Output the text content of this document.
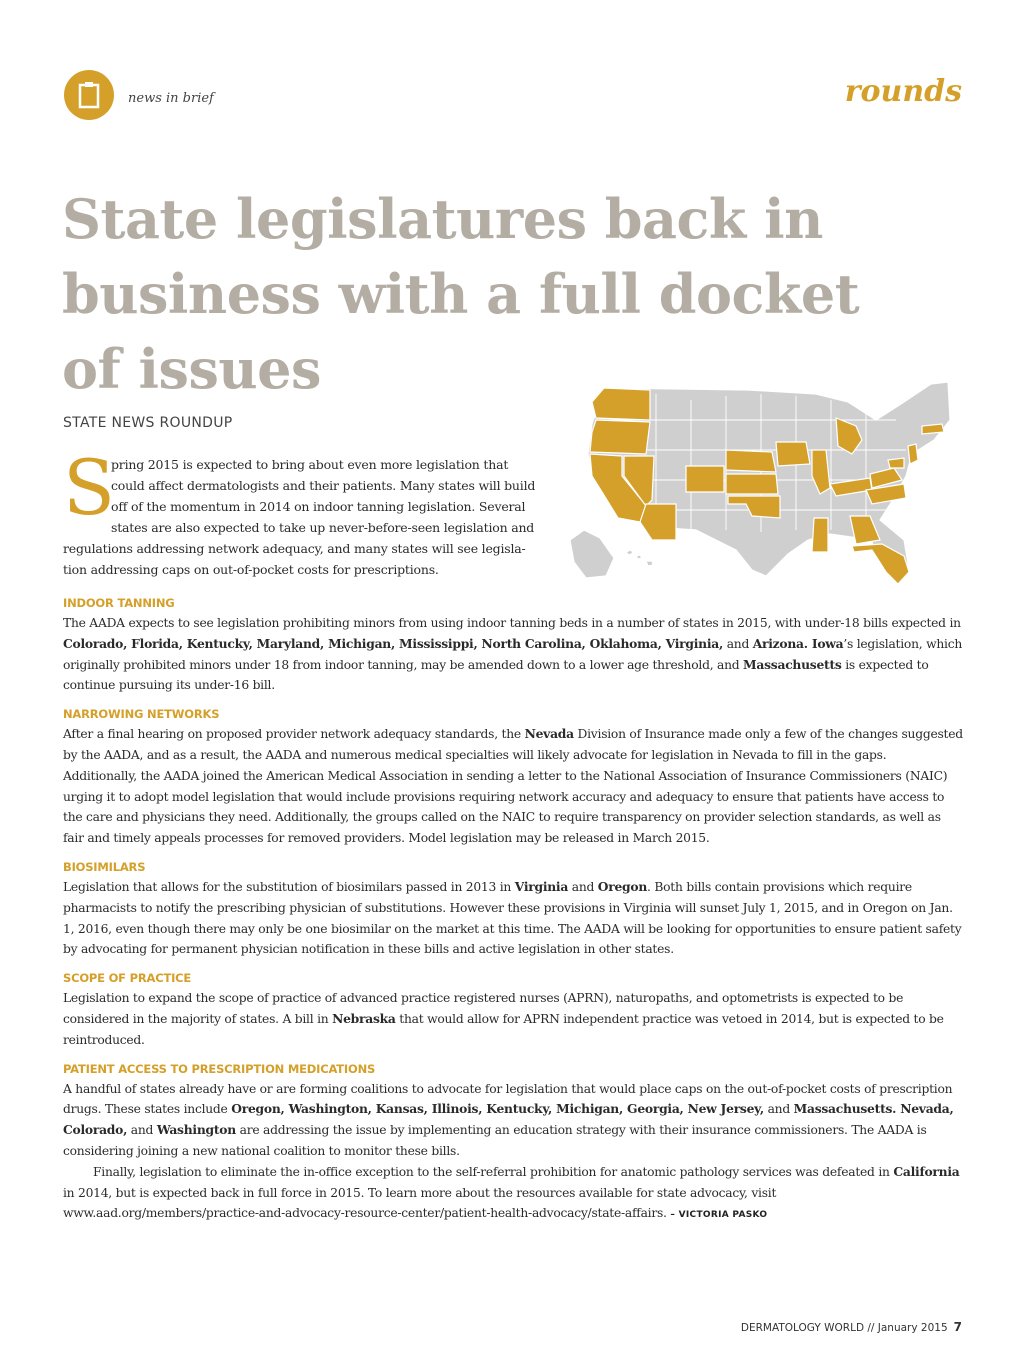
news in brief	rounds
State legislatures back in business with a full docket of issues
STATE NEWS ROUNDUP
S

pring 2015 is expected to bring about even more legislation that

could affect dermatologists and their patients. Many states will build

off of the momentum in 2014 on indoor tanning legislation. Several

states are also expected to take up never-before-seen legislation and

regulations addressing network adequacy, and many states will see legisla-

tion addressing caps on out-of-pocket costs for prescriptions.

INDOOR TANNING

The AADA expects to see legislation prohibiting minors from using indoor tanning beds in a number of states in 2015, with under-18 bills expected in Colorado, Florida, Kentucky, Maryland, Michigan, Mississippi, North Carolina, Oklahoma, Virginia, and Arizona. Iowa’s legislation, which originally prohibited minors under 18 from indoor tanning, may be amended down to a lower age threshold, and Massachusetts is expected to continue pursuing its under-16 bill.

NARROWING NETWORKS

After a final hearing on proposed provider network adequacy standards, the Nevada Division of Insurance made only a few of the changes suggested by the AADA, and as a result, the AADA and numerous medical specialties will likely advocate for legislation in Nevada to fill in the gaps. Additionally, the AADA joined the American Medical Association in sending a letter to the National Association of Insurance Commissioners (NAIC) urging it to adopt model legislation that would include provisions requiring network accuracy and adequacy to ensure that patients have access to the care and physicians they need. Additionally, the groups called on the NAIC to require transparency on provider selection standards, as well as fair and timely appeals processes for removed providers. Model legislation may be released in March 2015.

BIOSIMILARS

Legislation that allows for the substitution of biosimilars passed in 2013 in Virginia and Oregon. Both bills contain provisions which require pharmacists to notify the prescribing physician of substitutions. However these provisions in Virginia will sunset July 1, 2015, and in Oregon on Jan. 1, 2016, even though there may only be one biosimilar on the market at this time. The AADA will be looking for opportunities to ensure patient safety by advocating for permanent physician notification in these bills and active legislation in other states.

SCOPE OF PRACTICE

Legislation to expand the scope of practice of advanced practice registered nurses (APRN), naturopaths, and optometrists is expected to be considered in the majority of states. A bill in Nebraska that would allow for APRN independent practice was vetoed in 2014, but is expected to be reintroduced.

PATIENT ACCESS TO PRESCRIPTION MEDICATIONS

A handful of states already have or are forming coalitions to advocate for legislation that would place caps on the out-of-pocket costs of prescription drugs. These states include Oregon, Washington, Kansas, Illinois, Kentucky, Michigan, Georgia, New Jersey, and Massachusetts. Nevada, Colorado, and Washington are addressing the issue by implementing an education strategy with their insurance commissioners. The AADA is considering joining a new national coalition to monitor these bills.

Finally, legislation to eliminate the in-office exception to the self-referral prohibition for anatomic pathology services was defeated in California in 2014, but is expected back in full force in 2015. To learn more about the resources available for state advocacy, visit www.aad.org/members/practice-and-advocacy-resource-center/patient-health-advocacy/state-affairs. – VICTORIA PASKO

DERMATOLOGY WORLD // January 2015 7
